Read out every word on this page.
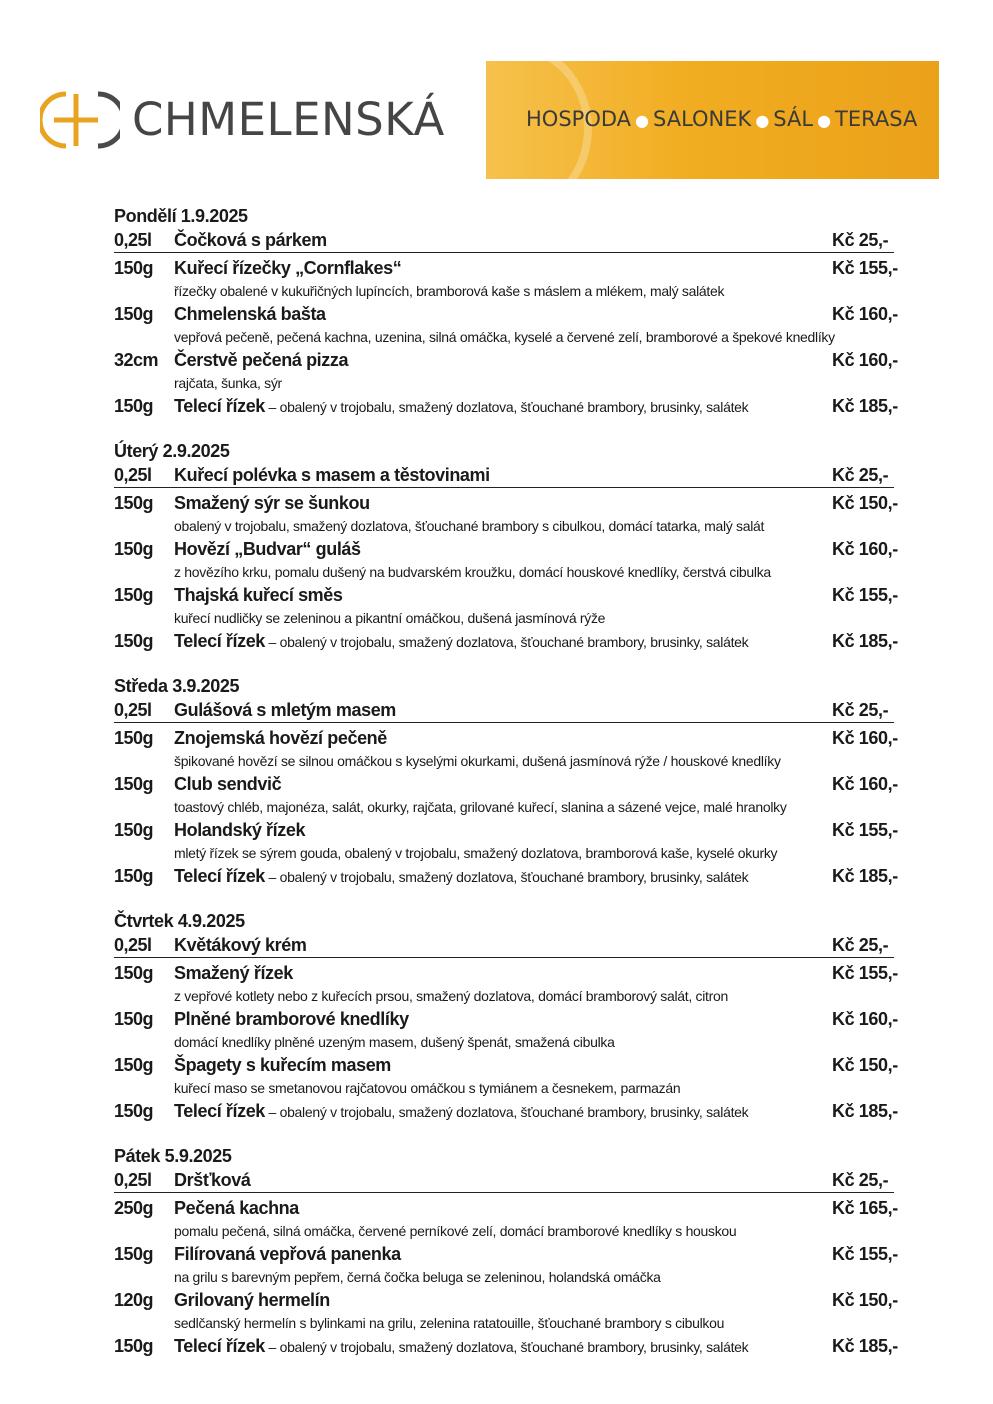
CHMELENSKÁ	HOSPODA ● SALONEK ● SÁL ● TERASA
Pondělí 1.9.2025
0,25l	Čočková s párkem	Kč 25,-
150g	Kuřecí řízečky „Cornflakes“	Kč 155,-
řízečky obalené v kukuřičných lupíncích, bramborová kaše s máslem a mlékem, malý salátek
150g	Chmelenská bašta	Kč 160,-
vepřová pečeně, pečená kachna, uzenina, silná omáčka, kyselé a červené zelí, bramborové a špekové knedlíky
32cm Čerstvě pečená pizza	Kč 160,-
rajčata, šunka, sýr
150g	Telecí řízek – obalený v trojobalu, smažený dozlatova, šťouchané brambory, brusinky, salátek	Kč 185,-
Úterý 2.9.2025
0,25l	Kuřecí polévka s masem a těstovinami	Kč 25,-
150g	Smažený sýr se šunkou	Kč 150,-
obalený v trojobalu, smažený dozlatova, šťouchané brambory s cibulkou, domácí tatarka, malý salát
150g	Hovězí „Budvar“ guláš	Kč 160,-
z hovězího krku, pomalu dušený na budvarském kroužku, domácí houskové knedlíky, čerstvá cibulka
150g	Thajská kuřecí směs	Kč 155,-
kuřecí nudličky se zeleninou a pikantní omáčkou, dušená jasmínová rýže
150g	Telecí řízek – obalený v trojobalu, smažený dozlatova, šťouchané brambory, brusinky, salátek	Kč 185,-
Středa 3.9.2025
0,25l	Gulášová s mletým masem	Kč 25,-
150g	Znojemská hovězí pečeně	Kč 160,-
špikované hovězí se silnou omáčkou s kyselými okurkami, dušená jasmínová rýže / houskové knedlíky
150g	Club sendvič	Kč 160,-
toastový chléb, majonéza, salát, okurky, rajčata, grilované kuřecí, slanina a sázené vejce, malé hranolky
150g	Holandský řízek	Kč 155,-
mletý řízek se sýrem gouda, obalený v trojobalu, smažený dozlatova, bramborová kaše, kyselé okurky
150g	Telecí řízek – obalený v trojobalu, smažený dozlatova, šťouchané brambory, brusinky, salátek	Kč 185,-
Čtvrtek 4.9.2025
0,25l	Květákový krém	Kč 25,-
150g	Smažený řízek	Kč 155,-
z vepřové kotlety nebo z kuřecích prsou, smažený dozlatova, domácí bramborový salát, citron
150g	Plněné bramborové knedlíky	Kč 160,-
domácí knedlíky plněné uzeným masem, dušený špenát, smažená cibulka
150g	Špagety s kuřecím masem	Kč 150,-
kuřecí maso se smetanovou rajčatovou omáčkou s tymiánem a česnekem, parmazán
150g	Telecí řízek – obalený v trojobalu, smažený dozlatova, šťouchané brambory, brusinky, salátek	Kč 185,-
Pátek 5.9.2025
0,25l	Dršťková	Kč 25,-
250g	Pečená kachna	Kč 165,-
pomalu pečená, silná omáčka, červené perníkové zelí, domácí bramborové knedlíky s houskou
150g	Filírovaná vepřová panenka	Kč 155,-
na grilu s barevným pepřem, černá čočka beluga se zeleninou, holandská omáčka
120g	Grilovaný hermelín	Kč 150,-
sedlčanský hermelín s bylinkami na grilu, zelenina ratatouille, šťouchané brambory s cibulkou
150g	Telecí řízek – obalený v trojobalu, smažený dozlatova, šťouchané brambory, brusinky, salátek	Kč 185,-
